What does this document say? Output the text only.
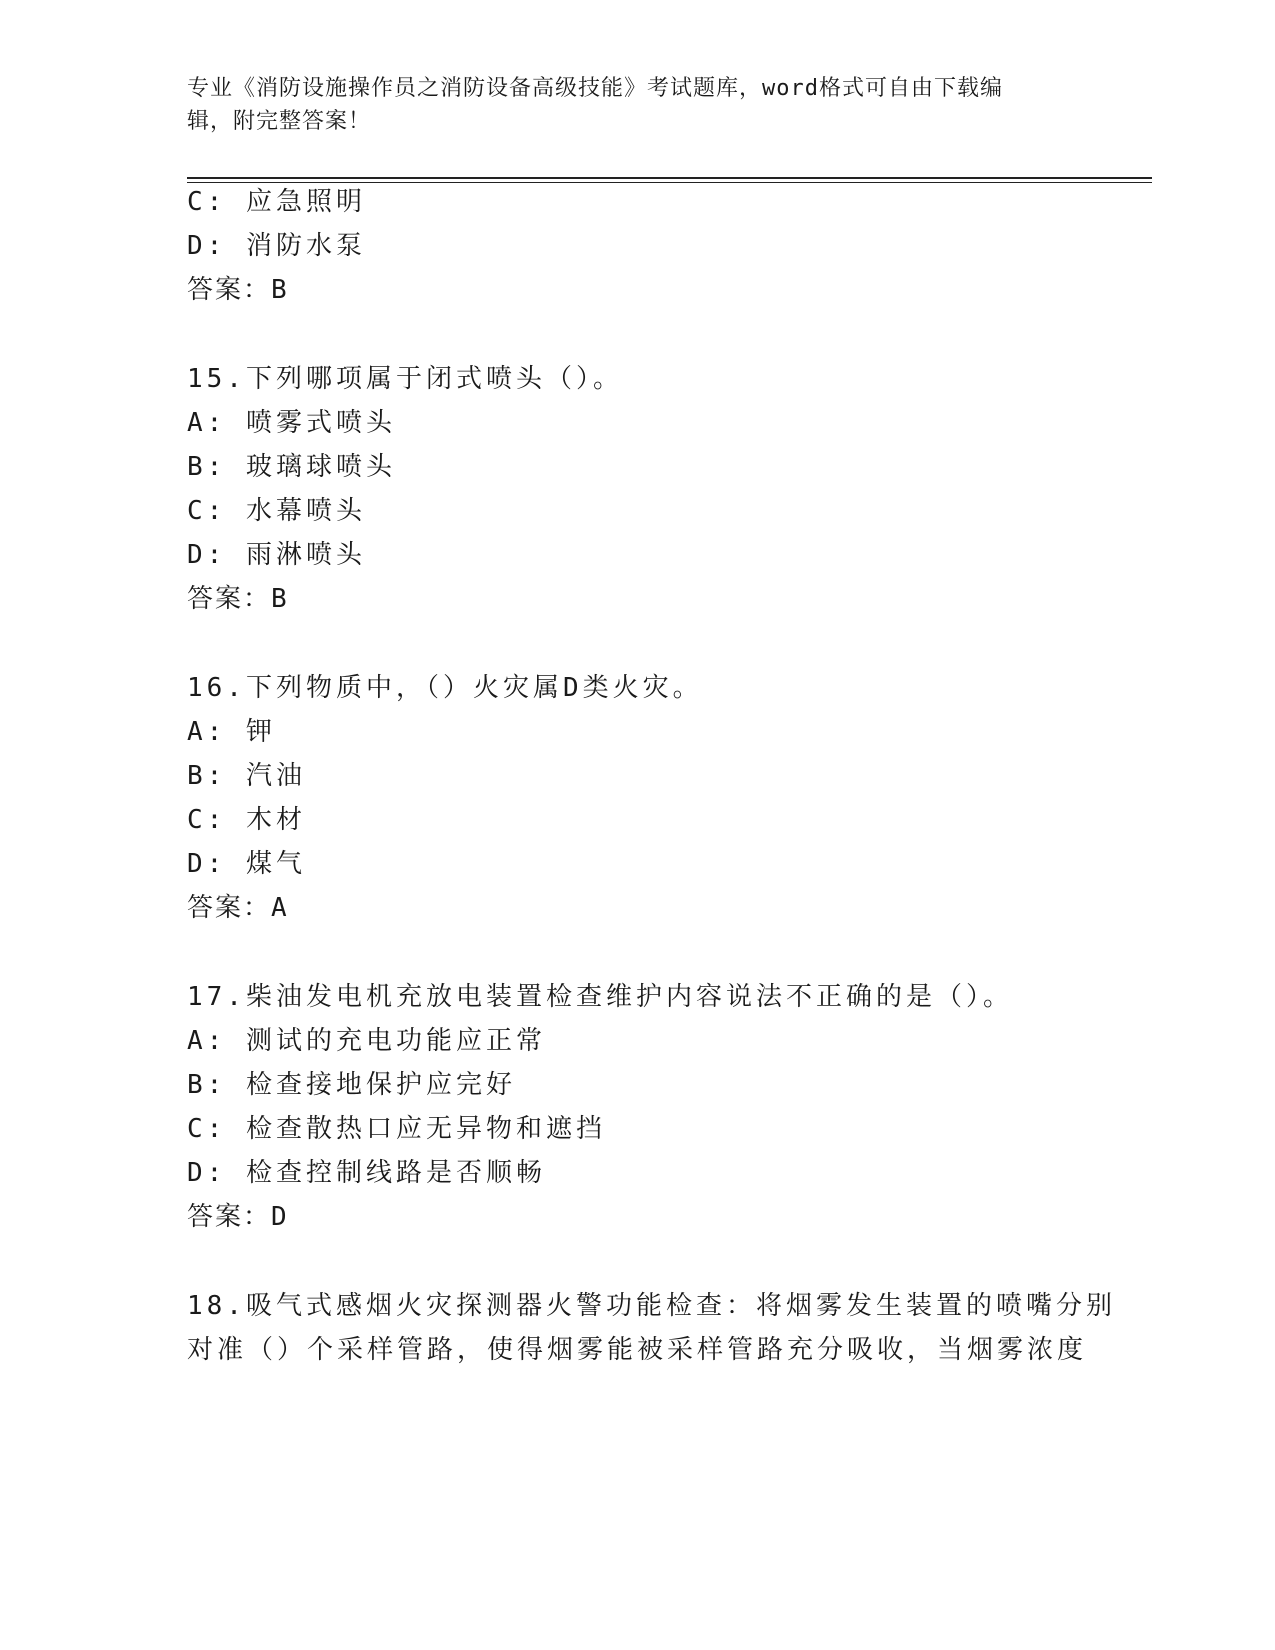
专业《消防设施操作员之消防设备高级技能》考试题库，word格式可自由下载编
辑，附完整答案！
C: 应急照明
D: 消防水泵
答案：B
15.下列哪项属于闭式喷头（）。
A: 喷雾式喷头
B: 玻璃球喷头
C: 水幕喷头
D: 雨淋喷头
答案：B
16.下列物质中，（）火灾属D类火灾。
A: 钾
B: 汽油
C: 木材
D: 煤气
答案：A
17.柴油发电机充放电装置检查维护内容说法不正确的是（）。
A: 测试的充电功能应正常
B: 检查接地保护应完好
C: 检查散热口应无异物和遮挡
D: 检查控制线路是否顺畅
答案：D
18.吸气式感烟火灾探测器火警功能检查：将烟雾发生装置的喷嘴分别
对准（）个采样管路，使得烟雾能被采样管路充分吸收，当烟雾浓度
